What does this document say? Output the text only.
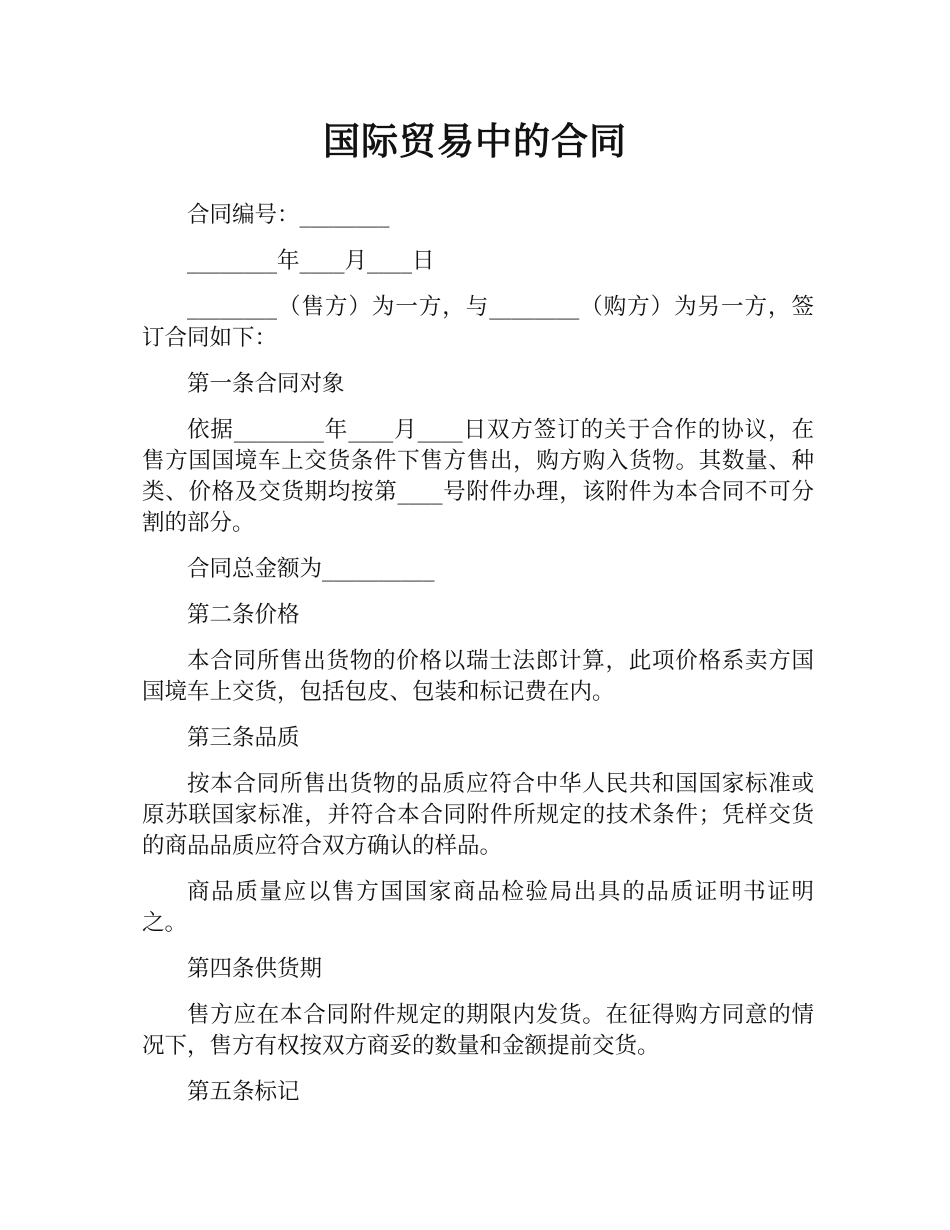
国际贸易中的合同

合同编号：________

________年____月____日

________（售方）为一方，与________（购方）为另一方，签订合同如下：

第一条合同对象

依据________年____月____日双方签订的关于合作的协议，在售方国国境车上交货条件下售方售出，购方购入货物。其数量、种类、价格及交货期均按第____号附件办理，该附件为本合同不可分割的部分。

合同总金额为__________

第二条价格

本合同所售出货物的价格以瑞士法郎计算，此项价格系卖方国国境车上交货，包括包皮、包装和标记费在内。

第三条品质

按本合同所售出货物的品质应符合中华人民共和国国家标准或原苏联国家标准，并符合本合同附件所规定的技术条件；凭样交货的商品品质应符合双方确认的样品。

商品质量应以售方国国家商品检验局出具的品质证明书证明之。

第四条供货期

售方应在本合同附件规定的期限内发货。在征得购方同意的情况下，售方有权按双方商妥的数量和金额提前交货。

第五条标记
